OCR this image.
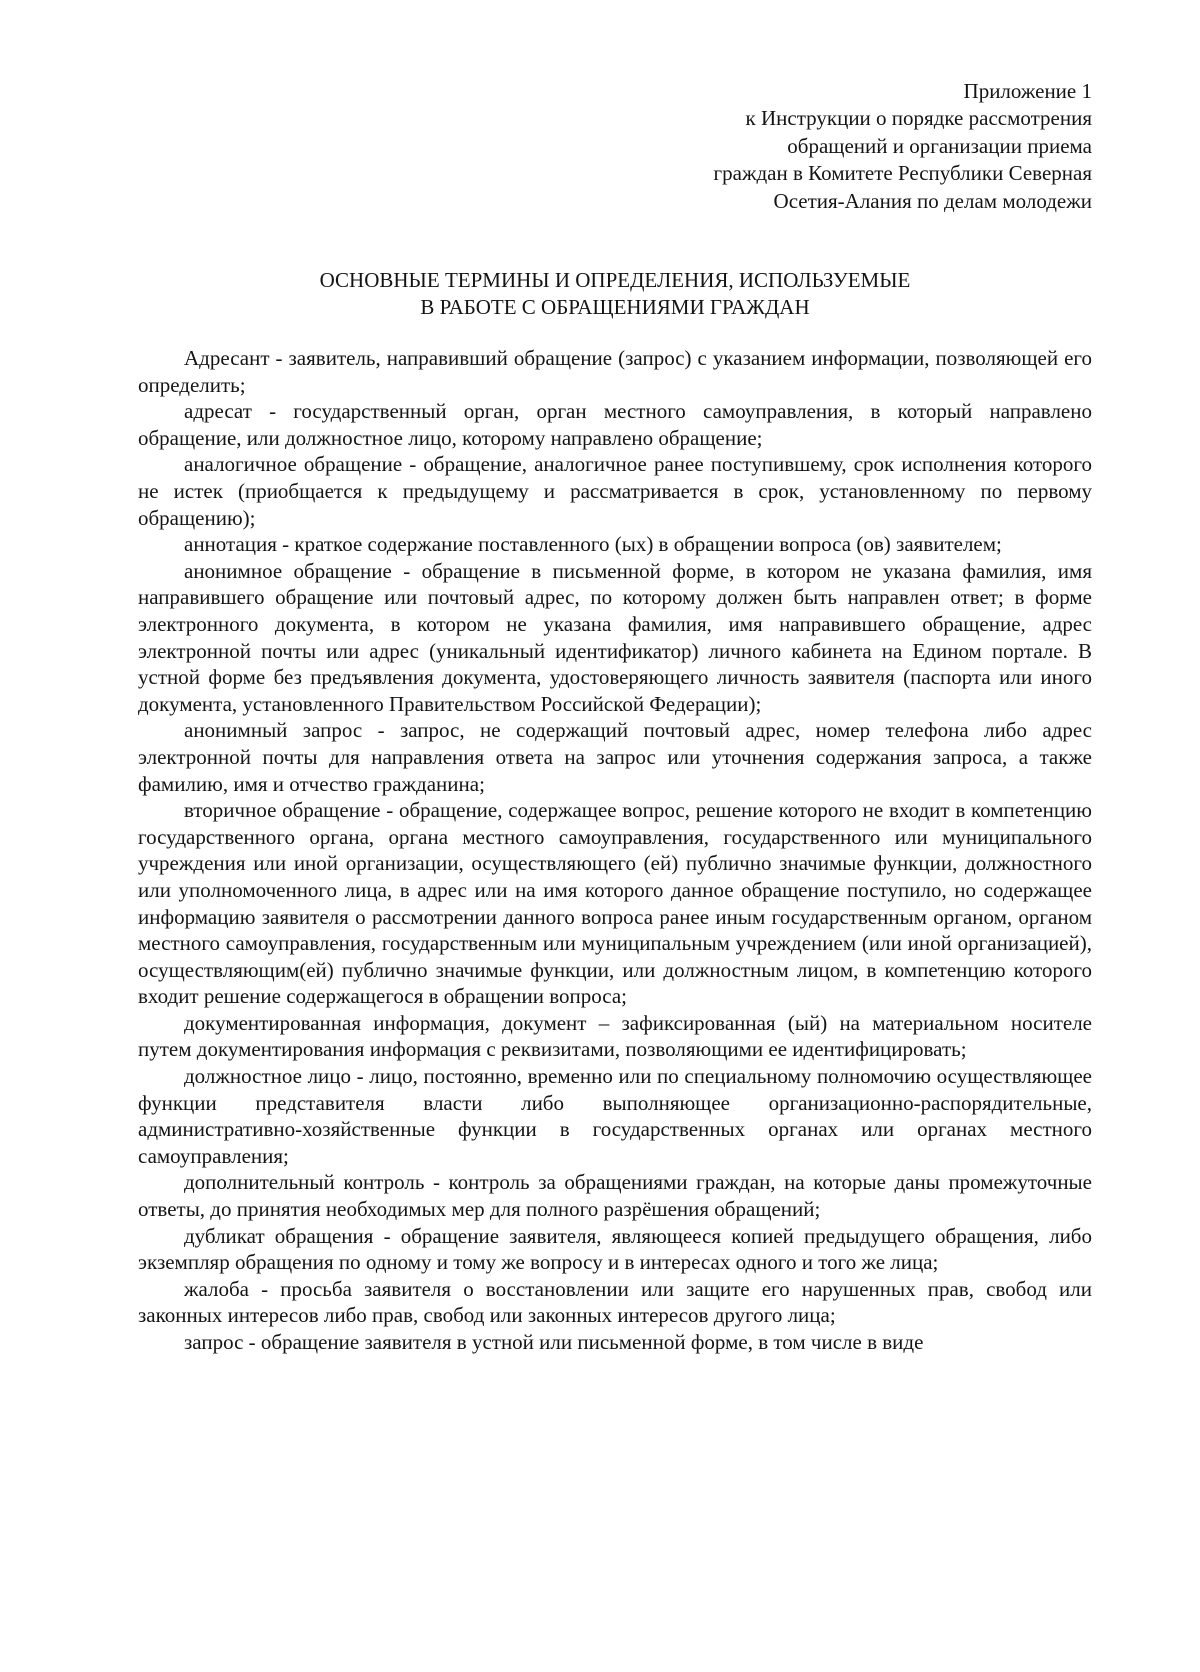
Приложение 1
к Инструкции о порядке рассмотрения
обращений и организации приема
граждан в Комитете Республики Северная
Осетия-Алания по делам молодежи
ОСНОВНЫЕ ТЕРМИНЫ И ОПРЕДЕЛЕНИЯ, ИСПОЛЬЗУЕМЫЕ
В РАБОТЕ С ОБРАЩЕНИЯМИ ГРАЖДАН

Адресант - заявитель, направивший обращение (запрос) с указанием информации, позволяющей его определить;

адресат - государственный орган, орган местного самоуправления, в который направлено обращение, или должностное лицо, которому направлено обращение;

аналогичное обращение - обращение, аналогичное ранее поступившему, срок исполнения которого не истек (приобщается к предыдущему и рассматривается в срок, установленному по первому обращению);

аннотация - краткое содержание поставленного (ых) в обращении вопроса (ов) заявителем;

анонимное обращение - обращение в письменной форме, в котором не указана фамилия, имя направившего обращение или почтовый адрес, по которому должен быть направлен ответ; в форме электронного документа, в котором не указана фамилия, имя направившего обращение, адрес электронной почты или адрес (уникальный идентификатор) личного кабинета на Едином портале. В устной форме без предъявления документа, удостоверяющего личность заявителя (паспорта или иного документа, установленного Правительством Российской Федерации);

анонимный запрос - запрос, не содержащий почтовый адрес, номер телефона либо адрес электронной почты для направления ответа на запрос или уточнения содержания запроса, а также фамилию, имя и отчество гражданина;

вторичное обращение - обращение, содержащее вопрос, решение которого не входит в компетенцию государственного органа, органа местного самоуправления, государственного или муниципального учреждения или иной организации, осуществляющего (ей) публично значимые функции, должностного или уполномоченного лица, в адрес или на имя которого данное обращение поступило, но содержащее информацию заявителя о рассмотрении данного вопроса ранее иным государственным органом, органом местного самоуправления, государственным или муниципальным учреждением (или иной организацией), осуществляющим(ей) публично значимые функции, или должностным лицом, в компетенцию которого входит решение содержащегося в обращении вопроса;

документированная информация, документ – зафиксированная (ый) на материальном носителе путем документирования информация с реквизитами, позволяющими ее идентифицировать;

должностное лицо - лицо, постоянно, временно или по специальному полномочию осуществляющее функции представителя власти либо выполняющее организационно-распорядительные, административно-хозяйственные функции в государственных органах или органах местного самоуправления;

дополнительный контроль - контроль за обращениями граждан, на которые даны промежуточные ответы, до принятия необходимых мер для полного разрёшения обращений;

дубликат обращения - обращение заявителя, являющееся копией предыдущего обращения, либо экземпляр обращения по одному и тому же вопросу и в интересах одного и того же лица;

жалоба - просьба заявителя о восстановлении или защите его нарушенных прав, свобод или законных интересов либо прав, свобод или законных интересов другого лица;

запрос - обращение заявителя в устной или письменной форме, в том числе в виде
